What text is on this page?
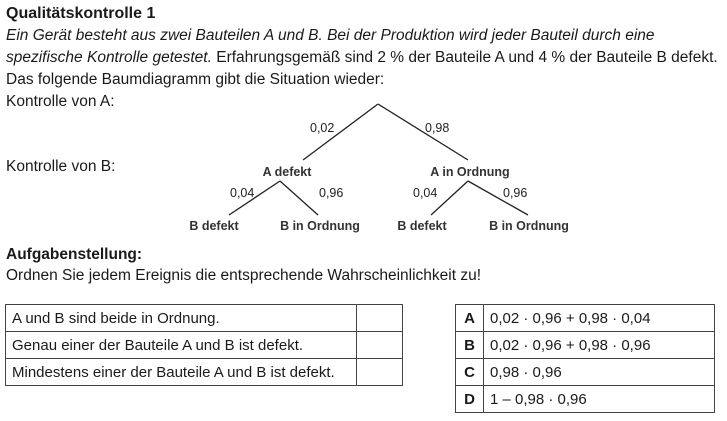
Qualitätskontrolle 1
Ein Gerät besteht aus zwei Bauteilen A und B. Bei der Produktion wird jeder Bauteil durch eine
spezifische Kontrolle getestet. Erfahrungsgemäß sind 2 % der Bauteile A und 4 % der Bauteile B defekt.
Das folgende Baumdiagramm gibt die Situation wieder:
Kontrolle von A:
Kontrolle von B:
0,02	0,98
A defekt	A in Ordnung
0,04	0,96	0,04	0,96
B defekt	B in Ordnung	B defekt	B in Ordnung
Aufgabenstellung:
Ordnen Sie jedem Ereignis die entsprechende Wahrscheinlichkeit zu!
A und B sind beide in Ordnung.	
Genau einer der Bauteile A und B ist defekt.	
Mindestens einer der Bauteile A und B ist defekt.	
A	0,02 · 0,96 + 0,98 · 0,04
B	0,02 · 0,96 + 0,98 · 0,96
C	0,98 · 0,96
D	1 – 0,98 · 0,96
